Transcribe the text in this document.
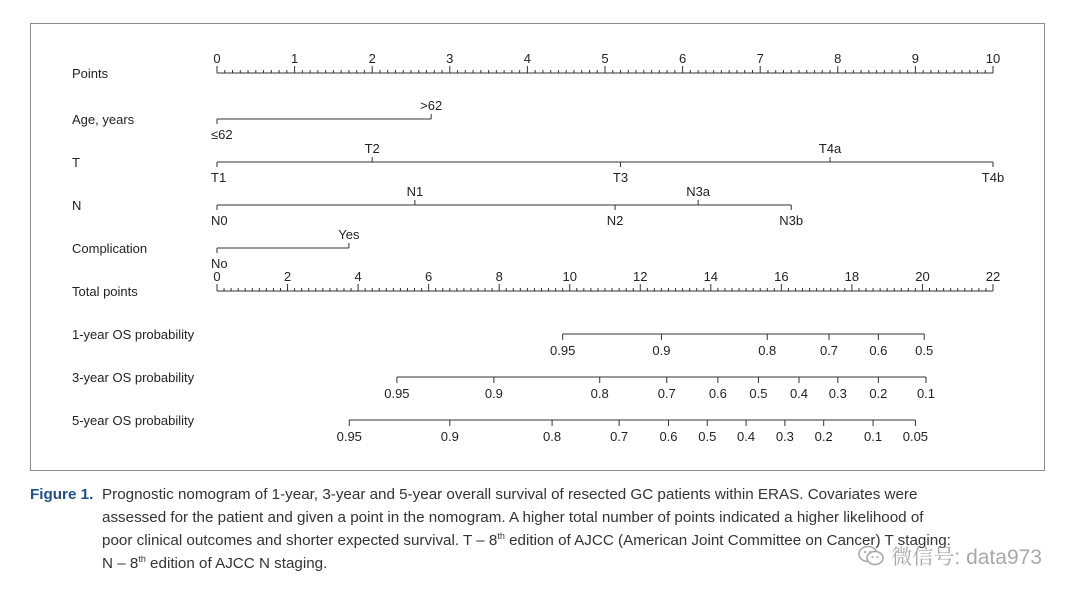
Points
0	1	2	3	4	5	6	7	8	9	10
Age, years
≤62
>62
T
T1
T2
T3
T4a
T4b
N
N0
N1
N2
N3a
N3b
Complication
No
Yes
Total points
0	2	4	6	8	10	12	14	16	18	20	22
1-year OS probability
0.95	0.9	0.8	0.7 0.6 0.5
3-year OS probability
0.95	0.9	0.8	0.7	0.6 0.5 0.4 0.3 0.2 0.1
5-year OS probability
0.95	0.9	0.8	0.7 0.6 0.5 0.4 0.3 0.2 0.1 0.05
Figure 1. Prognostic nomogram of 1-year, 3-year and 5-year overall survival of resected GC patients within ERAS. Covariates were
assessed for the patient and given a point in the nomogram. A higher total number of points indicated a higher likelihood of
poor clinical outcomes and shorter expected survival. T – 8th edition of AJCC (American Joint Committee on Cancer) T staging:
N – 8th edition of AJCC N staging.	微信号: data973
